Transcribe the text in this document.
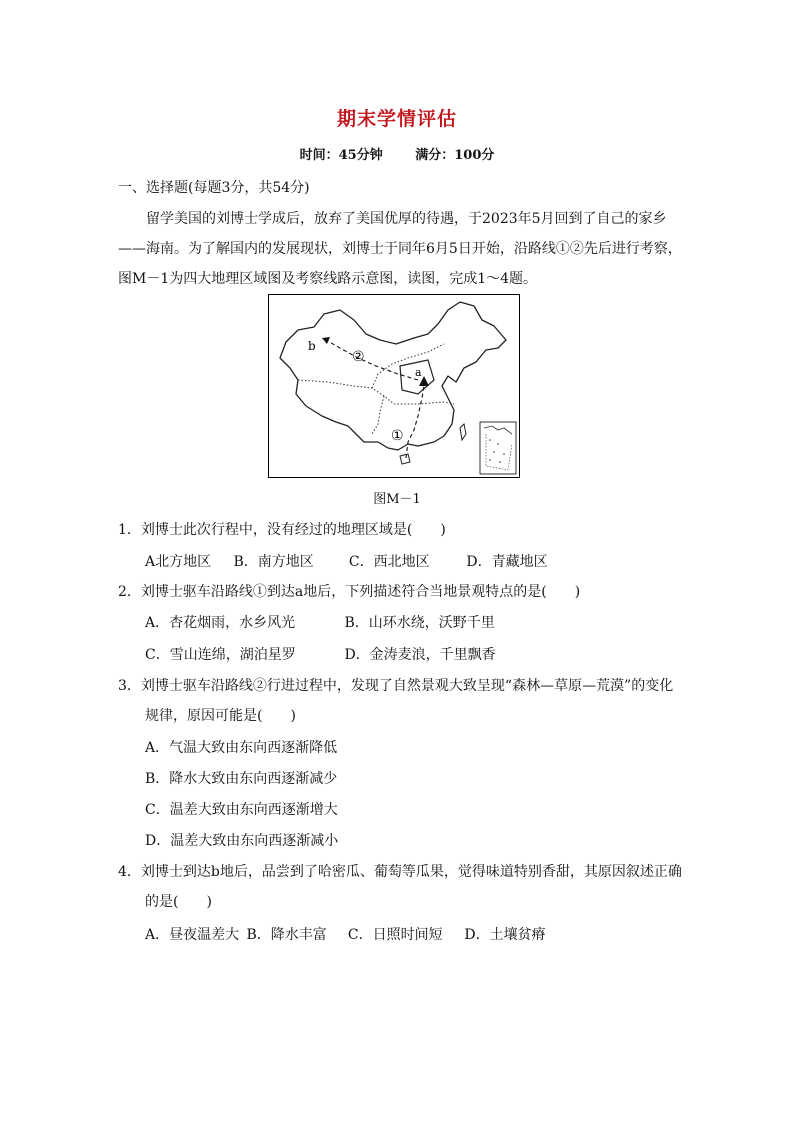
期末学情评估
时间：45分钟	满分：100分
一、选择题(每题3分，共54分)

留学美国的刘博士学成后，放弃了美国优厚的待遇，于2023年5月回到了自己的家乡

——海南。为了解国内的发展现状，刘博士于同年6月5日开始，沿路线①②先后进行考察，
图M－1为四大地理区域图及考察线路示意图，读图，完成1～4题。
b
a
②
①
图M－1

1．刘博士此次行程中，没有经过的地理区域是(　　)

A北方地区 B．南方地区	C．西北地区	D．青藏地区

2．刘博士驱车沿路线①到达a地后，下列描述符合当地景观特点的是(　　)

A．杏花烟雨，水乡风光	B．山环水绕，沃野千里
C．雪山连绵，湖泊星罗	D．金涛麦浪，千里飘香

3．刘博士驱车沿路线②行进过程中，发现了自然景观大致呈现“森林—草原—荒漠”的变化

规律，原因可能是(　　)

A．气温大致由东向西逐渐降低
B．降水大致由东向西逐渐减少
C．温差大致由东向西逐渐增大
D．温差大致由东向西逐渐减小

4．刘博士到达b地后，品尝到了哈密瓜、葡萄等瓜果，觉得味道特别香甜，其原因叙述正确

的是(　　)

A．昼夜温差大 B．降水丰富 C．日照时间短 D．土壤贫瘠
